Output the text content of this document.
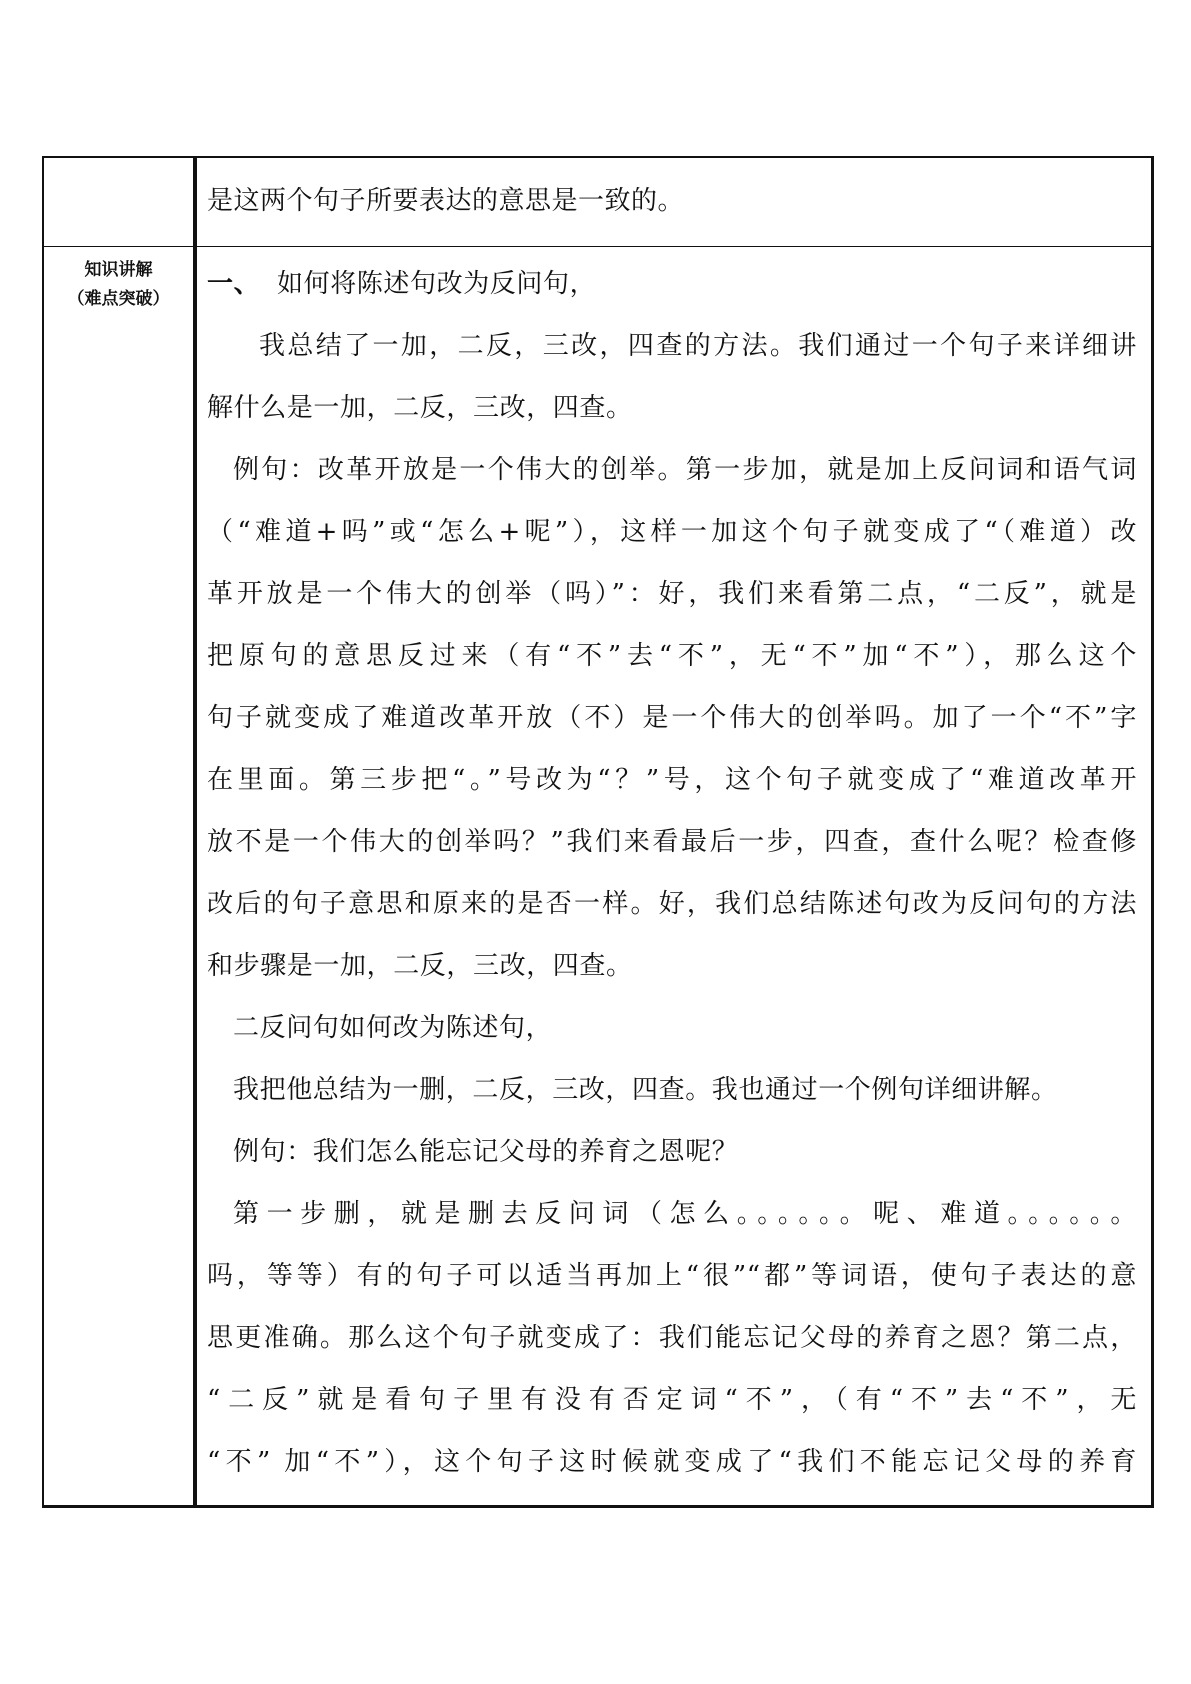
是这两个句子所要表达的意思是一致的。
知识讲解
（难点突破）	一、 如何将陈述句改为反问句，
我总结了一加，二反，三改，四查的方法。我们通过一个句子来详细讲
解什么是一加，二反，三改，四查。
例句：改革开放是一个伟大的创举。第一步加，就是加上反问词和语气词
（“难道+吗”或“怎么+呢”），这样一加这个句子就变成了“（难道）改
革开放是一个伟大的创举（吗）”：好，我们来看第二点，“二反”，就是
把原句的意思反过来（有“不”去“不”，无“不”加“不”），那么这个
句子就变成了难道改革开放（不）是一个伟大的创举吗。加了一个“不”字
在里面。第三步把“。”号改为“？”号，这个句子就变成了“难道改革开
放不是一个伟大的创举吗？”我们来看最后一步，四查，查什么呢？检查修
改后的句子意思和原来的是否一样。好，我们总结陈述句改为反问句的方法
和步骤是一加，二反，三改，四查。
二反问句如何改为陈述句，
我把他总结为一删，二反，三改，四查。我也通过一个例句详细讲解。
例句：我们怎么能忘记父母的养育之恩呢？
第一步删，就是删去反问词（怎么。。。。。。呢、难道。。。。。。
吗，等等）有的句子可以适当再加上“很”“都”等词语，使句子表达的意
思更准确。那么这个句子就变成了：我们能忘记父母的养育之恩？第二点，
“二反”就是看句子里有没有否定词“不”，（有“不”去“不”，无
“不” 加“不”），这个句子这时候就变成了“我们不能忘记父母的养育
